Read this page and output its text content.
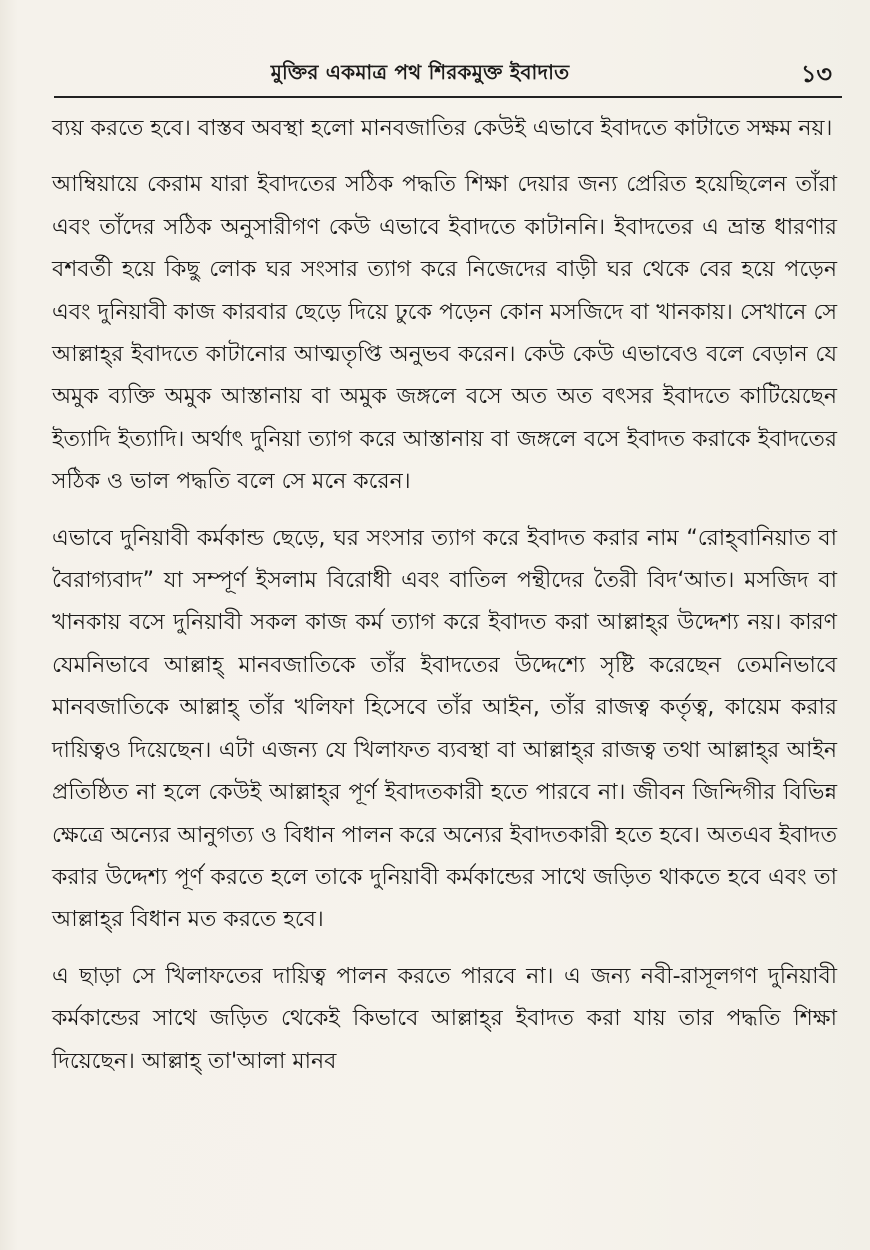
মুক্তির একমাত্র পথ শিরকমুক্ত ইবাদাত	১৩

ব্যয় করতে হবে। বাস্তব অবস্থা হলো মানবজাতির কেউই এভাবে ইবাদতে কাটাতে সক্ষম নয়।

আম্বিয়ায়ে কেরাম যারা ইবাদতের সঠিক পদ্ধতি শিক্ষা দেয়ার জন্য প্রেরিত হয়েছিলেন তাঁরা এবং তাঁদের সঠিক অনুসারীগণ কেউ এভাবে ইবাদতে কাটাননি। ইবাদতের এ ভ্রান্ত ধারণার বশবর্তী হয়ে কিছু লোক ঘর সংসার ত্যাগ করে নিজেদের বাড়ী ঘর থেকে বের হয়ে পড়েন এবং দুনিয়াবী কাজ কারবার ছেড়ে দিয়ে ঢুকে পড়েন কোন মসজিদে বা খানকায়। সেখানে সে আল্লাহ্‌র ইবাদতে কাটানোর আত্মতৃপ্তি অনুভব করেন। কেউ কেউ এভাবেও বলে বেড়ান যে অমুক ব্যক্তি অমুক আস্তানায় বা অমুক জঙ্গলে বসে অত অত বৎসর ইবাদতে কাটিয়েছেন ইত্যাদি ইত্যাদি। অর্থাৎ দুনিয়া ত্যাগ করে আস্তানায় বা জঙ্গলে বসে ইবাদত করাকে ইবাদতের সঠিক ও ভাল পদ্ধতি বলে সে মনে করেন।

এভাবে দুনিয়াবী কর্মকান্ড ছেড়ে, ঘর সংসার ত্যাগ করে ইবাদত করার নাম “রোহ্‌বানিয়াত বা বৈরাগ্যবাদ” যা সম্পূর্ণ ইসলাম বিরোধী এবং বাতিল পন্থীদের তৈরী বিদ‘আত। মসজিদ বা খানকায় বসে দুনিয়াবী সকল কাজ কর্ম ত্যাগ করে ইবাদত করা আল্লাহ্‌র উদ্দেশ্য নয়। কারণ যেমনিভাবে আল্লাহ্‌ মানবজাতিকে তাঁর ইবাদতের উদ্দেশ্যে সৃষ্টি করেছেন তেমনিভাবে মানবজাতিকে আল্লাহ্‌ তাঁর খলিফা হিসেবে তাঁর আইন, তাঁর রাজত্ব কর্তৃত্ব, কায়েম করার দায়িত্বও দিয়েছেন। এটা এজন্য যে খিলাফত ব্যবস্থা বা আল্লাহ্‌র রাজত্ব তথা আল্লাহ্‌র আইন প্রতিষ্ঠিত না হলে কেউই আল্লাহ্‌র পূর্ণ ইবাদতকারী হতে পারবে না। জীবন জিন্দিগীর বিভিন্ন ক্ষেত্রে অন্যের আনুগত্য ও বিধান পালন করে অন্যের ইবাদতকারী হতে হবে। অতএব ইবাদত করার উদ্দেশ্য পূর্ণ করতে হলে তাকে দুনিয়াবী কর্মকান্ডের সাথে জড়িত থাকতে হবে এবং তা আল্লাহ্‌র বিধান মত করতে হবে।

এ ছাড়া সে খিলাফতের দায়িত্ব পালন করতে পারবে না। এ জন্য নবী-রাসূলগণ দুনিয়াবী কর্মকান্ডের সাথে জড়িত থেকেই কিভাবে আল্লাহ্‌র ইবাদত করা যায় তার পদ্ধতি শিক্ষা দিয়েছেন। আল্লাহ্‌ তা'আলা মানব
